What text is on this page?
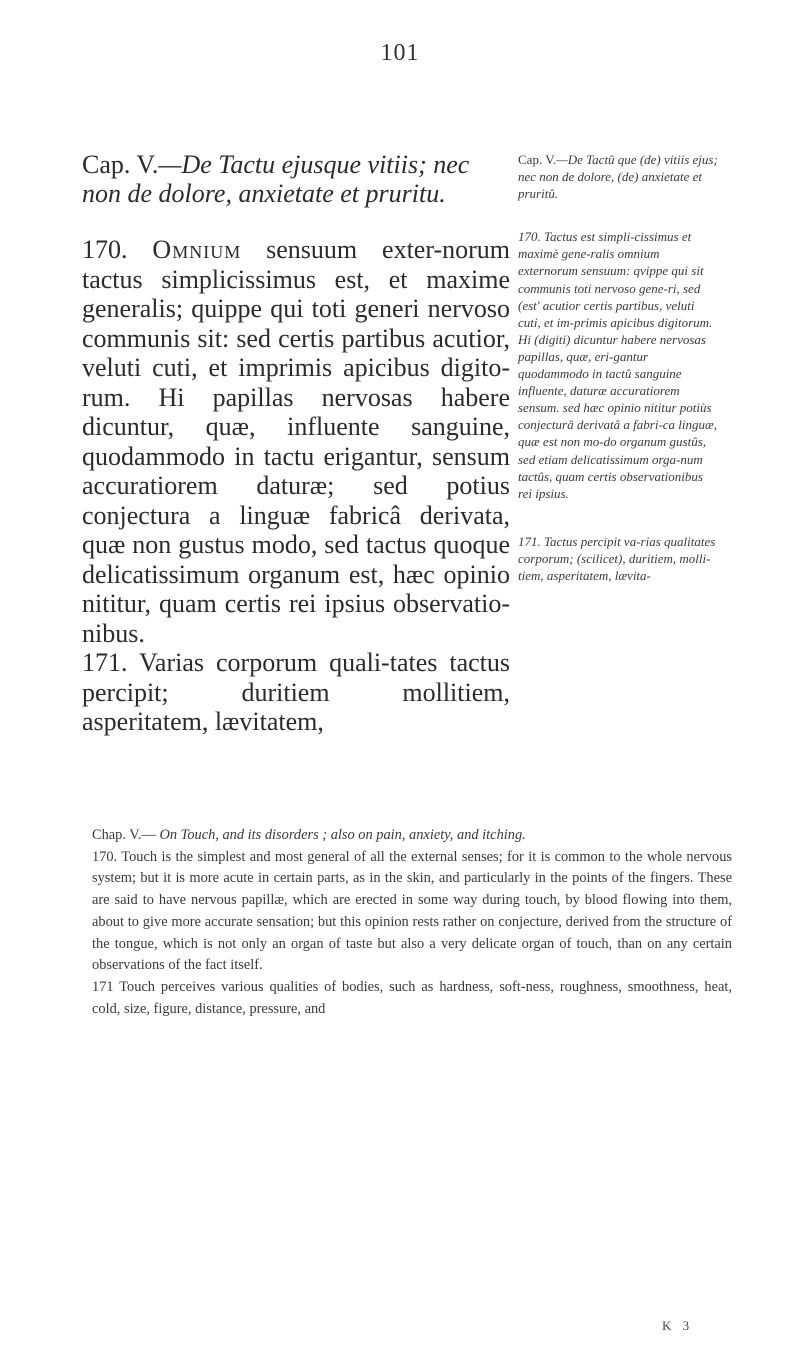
101

Cap. V.—De Tactu ejusque vitiis; nec non de dolore, anxietate et pruritu.

170. Omnium sensuum exter-norum tactus simplicissimus est, et maxime generalis; quippe qui toti generi nervoso communis sit: sed certis partibus acutior, veluti cuti, et imprimis apicibus digito-rum. Hi papillas nervosas habere dicuntur, quæ, influente sanguine, quodammodo in tactu erigantur, sensum accuratiorem daturæ; sed potius conjectura a linguæ fabricâ derivata, quæ non gustus modo, sed tactus quoque delicatissimum organum est, hæc opinio nititur, quam certis rei ipsius observatio-nibus.

171. Varias corporum quali-tates tactus percipit; duritiem mollitiem, asperitatem, lævitatem,

Cap. V.—De Tactû que (de) vitiis ejus; nec non de dolore, (de) anxietate et pruritû.

170. Tactus est simpli-cissimus et maximè gene-ralis omnium externorum sensuum: qvippe qui sit communis toti nervoso gene-ri, sed (est' acutior certis partibus, veluti cuti, et im-primis apicibus digitorum. Hi (digiti) dicuntur habere nervosas papillas, quæ, eri-gantur quodammodo in tactû sanguine influente, daturæ accuratiorem sensum. sed hæc opinio nititur potiùs conjecturâ derivatâ a fabri-ca linguæ, quæ est non mo-do organum gustûs, sed etiam delicatissimum orga-num tactûs, quam certis observationibus rei ipsius.

171. Tactus percipit va-rias qualitates corporum; (scilicet), duritiem, molli-tiem, asperitatem, lævita-

Chap. V.— On Touch, and its disorders ; also on pain, anxiety, and itching.

170. Touch is the simplest and most general of all the external senses; for it is common to the whole nervous system; but it is more acute in certain parts, as in the skin, and particularly in the points of the fingers. These are said to have nervous papillæ, which are erected in some way during touch, by blood flowing into them, about to give more accurate sensation; but this opinion rests rather on conjecture, derived from the structure of the tongue, which is not only an organ of taste but also a very delicate organ of touch, than on any certain observations of the fact itself.

171 Touch perceives various qualities of bodies, such as hardness, soft-ness, roughness, smoothness, heat, cold, size, figure, distance, pressure, and

K 3
